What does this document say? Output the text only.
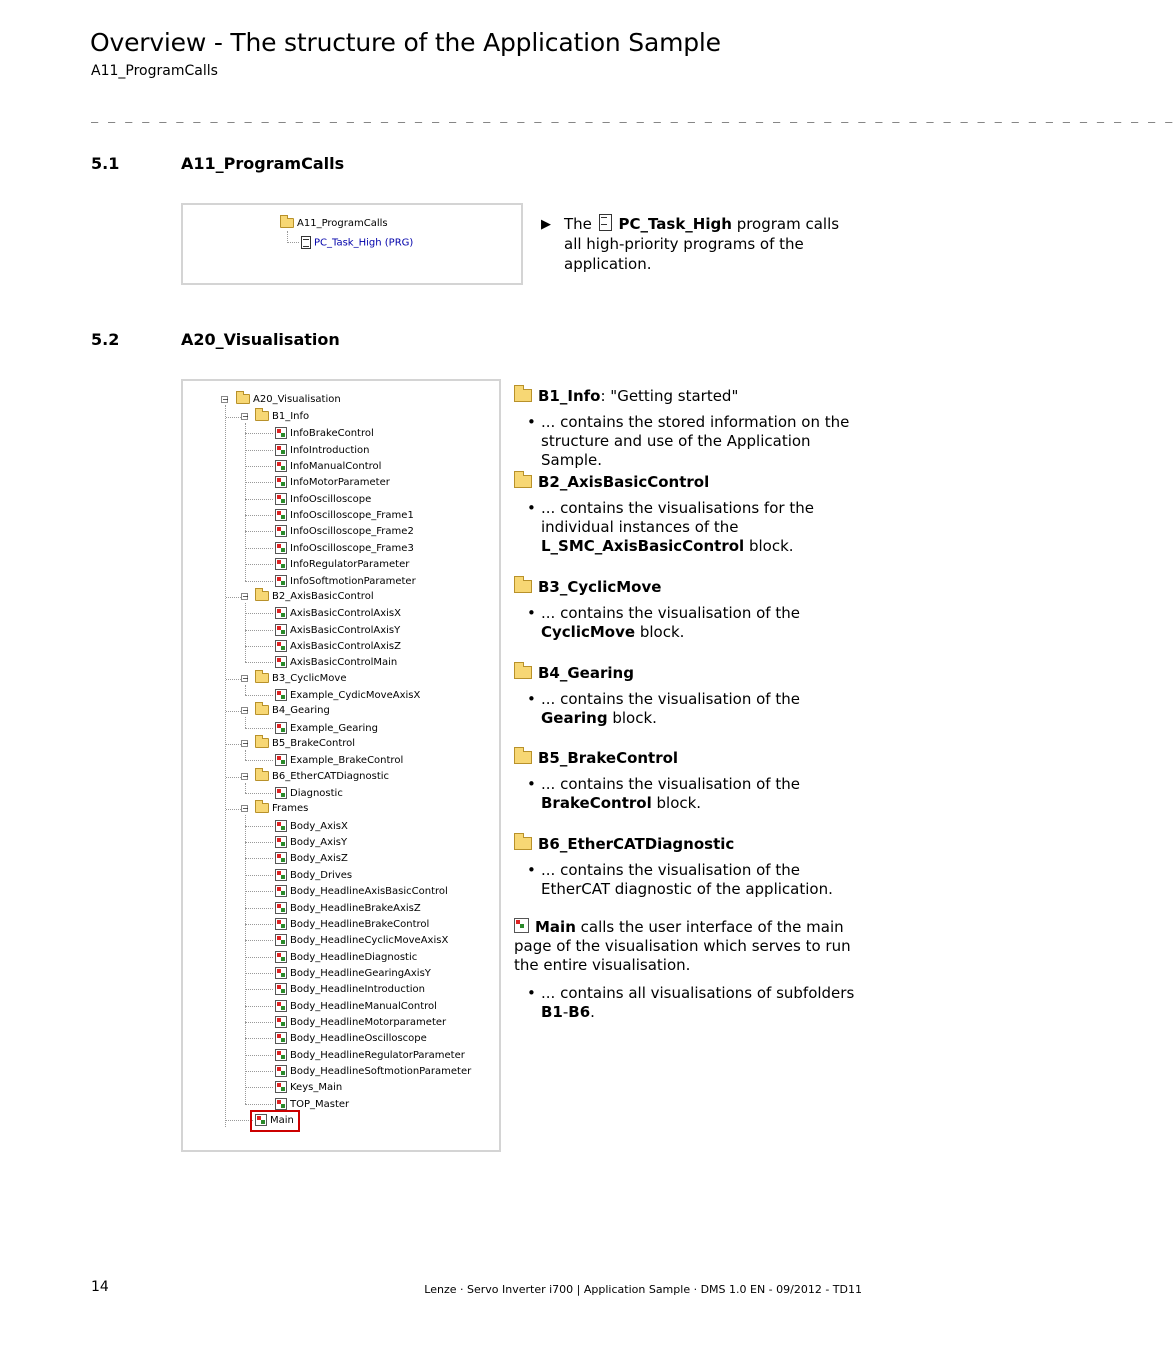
Overview - The structure of the Application Sample
A11_ProgramCalls
_ _ _ _ _ _ _ _ _ _ _ _ _ _ _ _ _ _ _ _ _ _ _ _ _ _ _ _ _ _ _ _ _ _ _ _ _ _ _ _ _ _ _ _ _ _ _ _ _ _ _ _ _ _ _ _ _ _ _ _ _ _ _ _
5.1	A11_ProgramCalls
A11_ProgramCalls
PC_Task_High (PRG)
▶ The PC_Task_High program calls all high-priority programs of the application.
5.2	A20_Visualisation
−	A20_Visualisation
B1_Info
−
InfoBrakeControl
InfoIntroduction
InfoManualControl
InfoMotorParameter
InfoOscilloscope
InfoOscilloscope_Frame1
InfoOscilloscope_Frame2
InfoOscilloscope_Frame3
InfoRegulatorParameter
InfoSoftmotionParameter
B2_AxisBasicControl
−
AxisBasicControlAxisX
AxisBasicControlAxisY
AxisBasicControlAxisZ
AxisBasicControlMain
B3_CyclicMove
−
Example_CydicMoveAxisX
B4_Gearing
−
Example_Gearing
B5_BrakeControl
−
Example_BrakeControl
B6_EtherCATDiagnostic
−
Diagnostic
Frames
−
Body_AxisX
Body_AxisY
Body_AxisZ
Body_Drives
Body_HeadlineAxisBasicControl
Body_HeadlineBrakeAxisZ
Body_HeadlineBrakeControl
Body_HeadlineCyclicMoveAxisX
Body_HeadlineDiagnostic
Body_HeadlineGearingAxisY
Body_HeadlineIntroduction
Body_HeadlineManualControl
Body_HeadlineMotorparameter
Body_HeadlineOscilloscope
Body_HeadlineRegulatorParameter
Body_HeadlineSoftmotionParameter
Keys_Main
TOP_Master
Main
B1_Info: "Getting started"
• ... contains the stored information on the structure and use of the Application Sample.
B2_AxisBasicControl
• ... contains the visualisations for the individual instances of the L_SMC_AxisBasicControl block.
B3_CyclicMove
• ... contains the visualisation of the CyclicMove block.
B4_Gearing
• ... contains the visualisation of the Gearing block.
B5_BrakeControl
• ... contains the visualisation of the BrakeControl block.
B6_EtherCATDiagnostic
• ... contains the visualisation of the EtherCAT diagnostic of the application.
Main calls the user interface of the main page of the visualisation which serves to run the entire visualisation.
• ... contains all visualisations of subfolders B1-B6.
14	Lenze · Servo Inverter i700 | Application Sample · DMS 1.0 EN - 09/2012 - TD11
